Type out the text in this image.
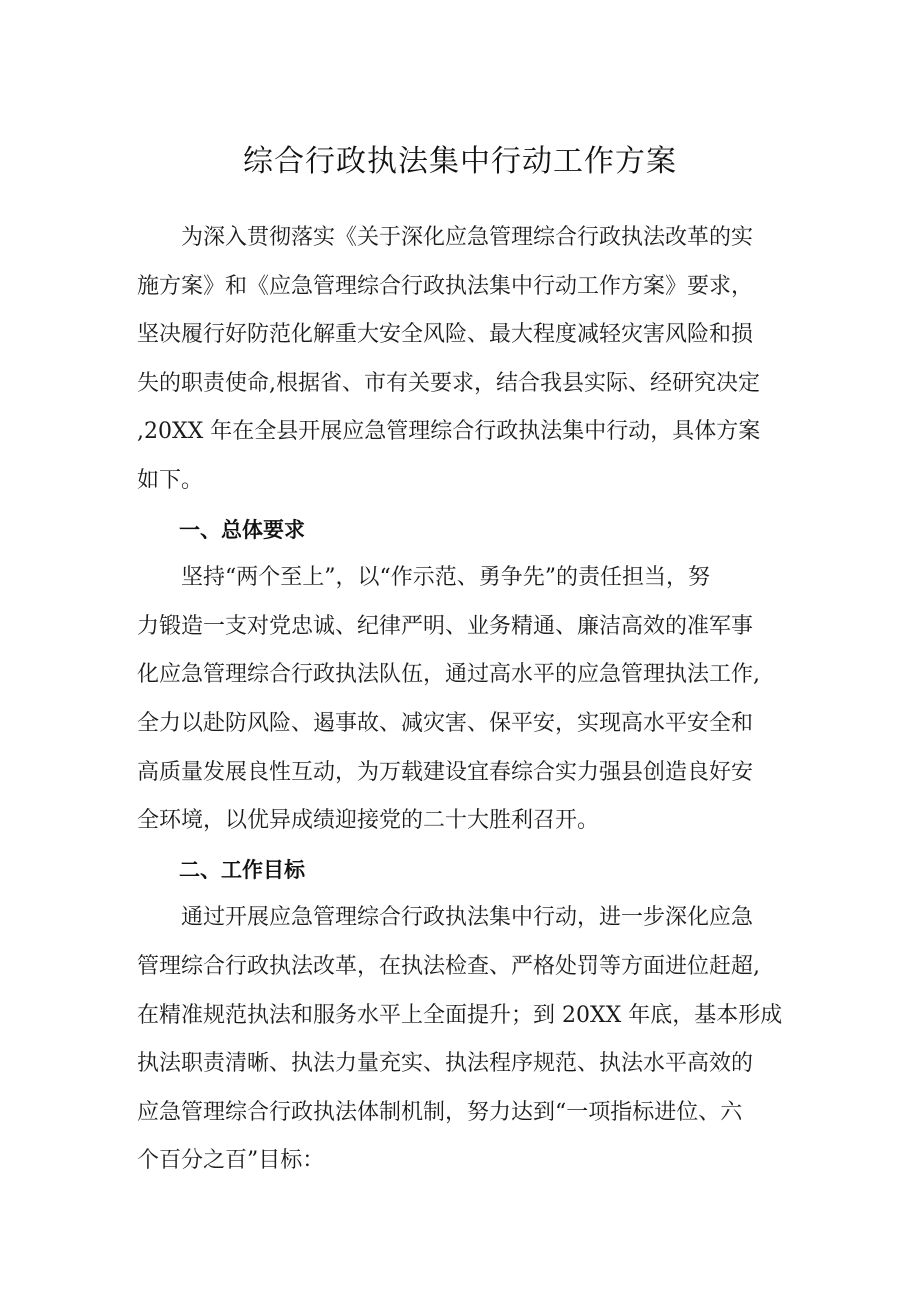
综合行政执法集中行动工作方案

为深入贯彻落实《关于深化应急管理综合行政执法改革的实
施方案》和《应急管理综合行政执法集中行动工作方案》要求，
坚决履行好防范化解重大安全风险、最大程度减轻灾害风险和损
失的职责使命,根据省、市有关要求，结合我县实际、经研究决定
,20XX 年在全县开展应急管理综合行政执法集中行动，具体方案
如下。

一、总体要求

坚持“两个至上”，以“作示范、勇争先”的责任担当，努
力锻造一支对党忠诚、纪律严明、业务精通、廉洁高效的准军事
化应急管理综合行政执法队伍，通过高水平的应急管理执法工作,
全力以赴防风险、遏事故、减灾害、保平安，实现高水平安全和
高质量发展良性互动，为万载建设宜春综合实力强县创造良好安
全环境，以优异成绩迎接党的二十大胜利召开。

二、工作目标

通过开展应急管理综合行政执法集中行动，进一步深化应急
管理综合行政执法改革，在执法检查、严格处罚等方面进位赶超,
在精准规范执法和服务水平上全面提升；到 20XX 年底，基本形成
执法职责清晰、执法力量充实、执法程序规范、执法水平高效的
应急管理综合行政执法体制机制，努力达到“一项指标进位、六
个百分之百”目标：
